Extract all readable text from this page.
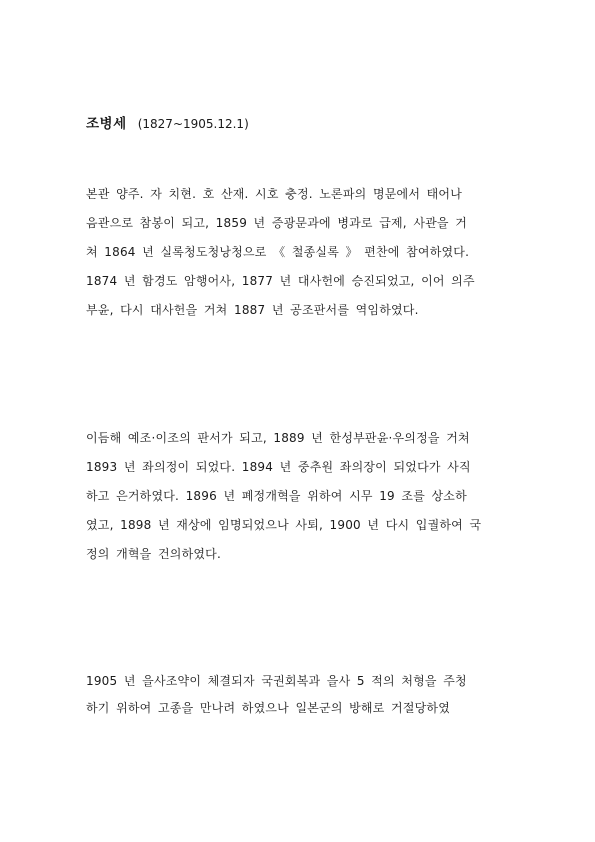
조병세 (1827~1905.12.1)
본관 양주. 자 치현. 호 산재. 시호 충정. 노론파의 명문에서 태어나
음관으로 참봉이 되고, 1859 년 증광문과에 병과로 급제, 사관을 거
쳐 1864 년 실록청도청낭청으로 《 철종실록 》 편찬에 참여하였다.
1874 년 함경도 암행어사, 1877 년 대사헌에 승진되었고, 이어 의주
부윤, 다시 대사헌을 거쳐 1887 년 공조판서를 역임하였다.
이듬해 예조·이조의 판서가 되고, 1889 년 한성부판윤·우의정을 거쳐
1893 년 좌의정이 되었다. 1894 년 중추원 좌의장이 되었다가 사직
하고 은거하였다. 1896 년 폐정개혁을 위하여 시무 19 조를 상소하
였고, 1898 년 재상에 임명되었으나 사퇴, 1900 년 다시 입궐하여 국
정의 개혁을 건의하였다.
1905 년 을사조약이 체결되자 국권회복과 을사 5 적의 처형을 주청
하기 위하여 고종을 만나려 하였으나 일본군의 방해로 거절당하였
